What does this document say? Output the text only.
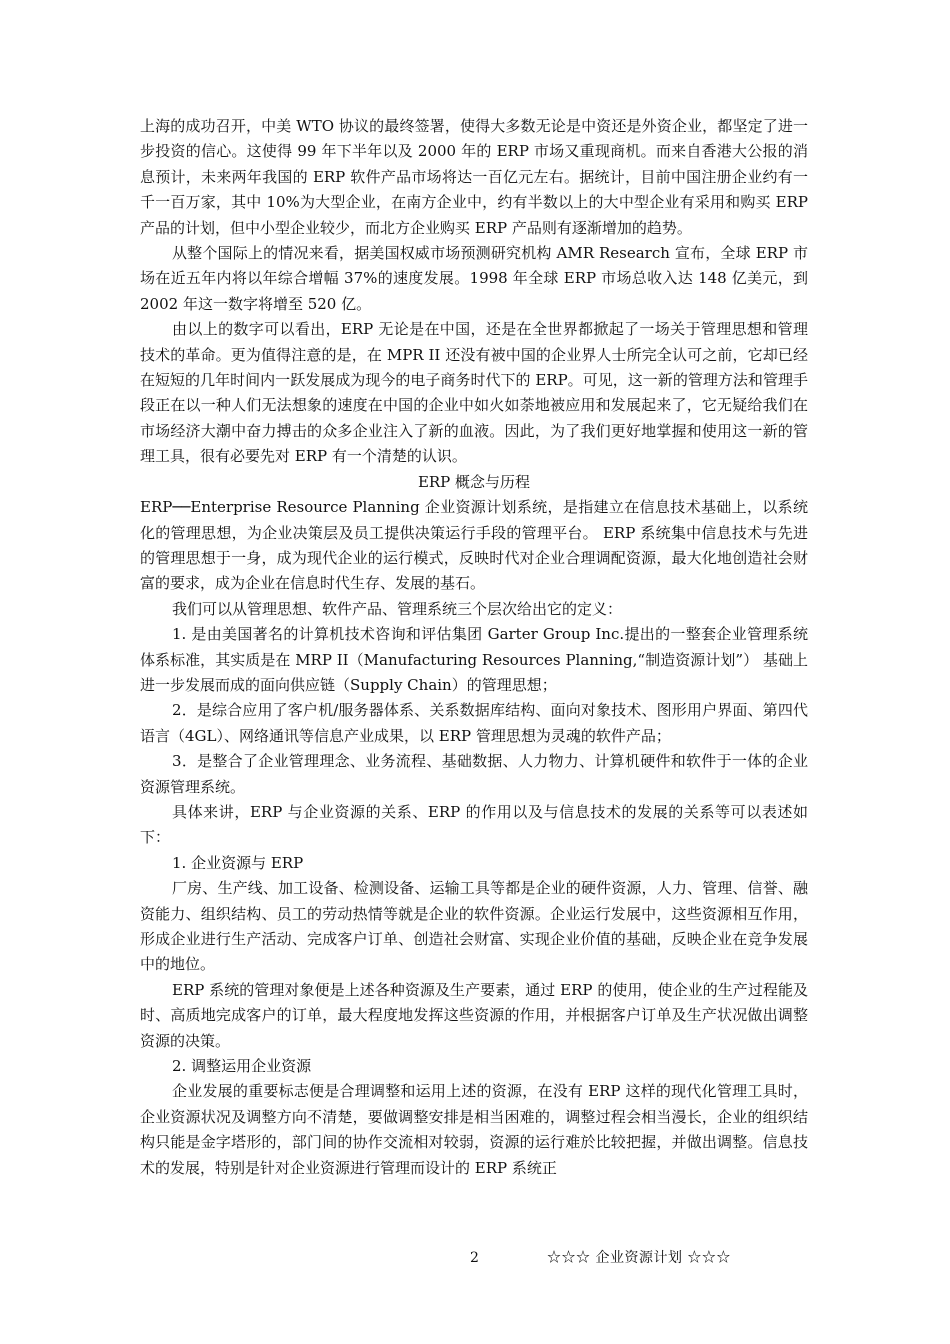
上海的成功召开，中美 WTO 协议的最终签署，使得大多数无论是中资还是外资企业，都坚定了进一步投资的信心。这使得 99 年下半年以及 2000 年的 ERP 市场又重现商机。而来自香港大公报的消息预计，未来两年我国的 ERP 软件产品市场将达一百亿元左右。据统计，目前中国注册企业约有一千一百万家，其中 10%为大型企业，在南方企业中，约有半数以上的大中型企业有采用和购买 ERP 产品的计划，但中小型企业较少，而北方企业购买 ERP 产品则有逐渐增加的趋势。

从整个国际上的情况来看，据美国权威市场预测研究机构 AMR Research 宣布，全球 ERP 市场在近五年内将以年综合增幅 37%的速度发展。1998 年全球 ERP 市场总收入达 148 亿美元，到 2002 年这一数字将增至 520 亿。

由以上的数字可以看出，ERP 无论是在中国，还是在全世界都掀起了一场关于管理思想和管理技术的革命。更为值得注意的是，在 MPR II 还没有被中国的企业界人士所完全认可之前，它却已经在短短的几年时间内一跃发展成为现今的电子商务时代下的 ERP。可见，这一新的管理方法和管理手段正在以一种人们无法想象的速度在中国的企业中如火如荼地被应用和发展起来了，它无疑给我们在市场经济大潮中奋力搏击的众多企业注入了新的血液。因此，为了我们更好地掌握和使用这一新的管理工具，很有必要先对 ERP 有一个清楚的认识。

ERP 概念与历程

ERP──Enterprise Resource Planning 企业资源计划系统，是指建立在信息技术基础上，以系统化的管理思想，为企业决策层及员工提供决策运行手段的管理平台。 ERP 系统集中信息技术与先进的管理思想于一身，成为现代企业的运行模式，反映时代对企业合理调配资源，最大化地创造社会财富的要求，成为企业在信息时代生存、发展的基石。

我们可以从管理思想、软件产品、管理系统三个层次给出它的定义：

1. 是由美国著名的计算机技术咨询和评估集团 Garter Group Inc.提出的一整套企业管理系统体系标准，其实质是在 MRP II（Manufacturing Resources Planning,“制造资源计划”） 基础上进一步发展而成的面向供应链（Supply Chain）的管理思想；

2．是综合应用了客户机/服务器体系、关系数据库结构、面向对象技术、图形用户界面、第四代语言（4GL）、网络通讯等信息产业成果，以 ERP 管理思想为灵魂的软件产品；

3．是整合了企业管理理念、业务流程、基础数据、人力物力、计算机硬件和软件于一体的企业资源管理系统。

具体来讲，ERP 与企业资源的关系、ERP 的作用以及与信息技术的发展的关系等可以表述如下：

1. 企业资源与 ERP

厂房、生产线、加工设备、检测设备、运输工具等都是企业的硬件资源，人力、管理、信誉、融资能力、组织结构、员工的劳动热情等就是企业的软件资源。企业运行发展中，这些资源相互作用，形成企业进行生产活动、完成客户订单、创造社会财富、实现企业价值的基础，反映企业在竞争发展中的地位。

ERP 系统的管理对象便是上述各种资源及生产要素，通过 ERP 的使用，使企业的生产过程能及时、高质地完成客户的订单，最大程度地发挥这些资源的作用，并根据客户订单及生产状况做出调整资源的决策。

2. 调整运用企业资源

企业发展的重要标志便是合理调整和运用上述的资源，在没有 ERP 这样的现代化管理工具时，企业资源状况及调整方向不清楚，要做调整安排是相当困难的，调整过程会相当漫长，企业的组织结构只能是金字塔形的，部门间的协作交流相对较弱，资源的运行难於比较把握，并做出调整。信息技术的发展，特别是针对企业资源进行管理而设计的 ERP 系统正

2	☆☆☆ 企业资源计划 ☆☆☆
